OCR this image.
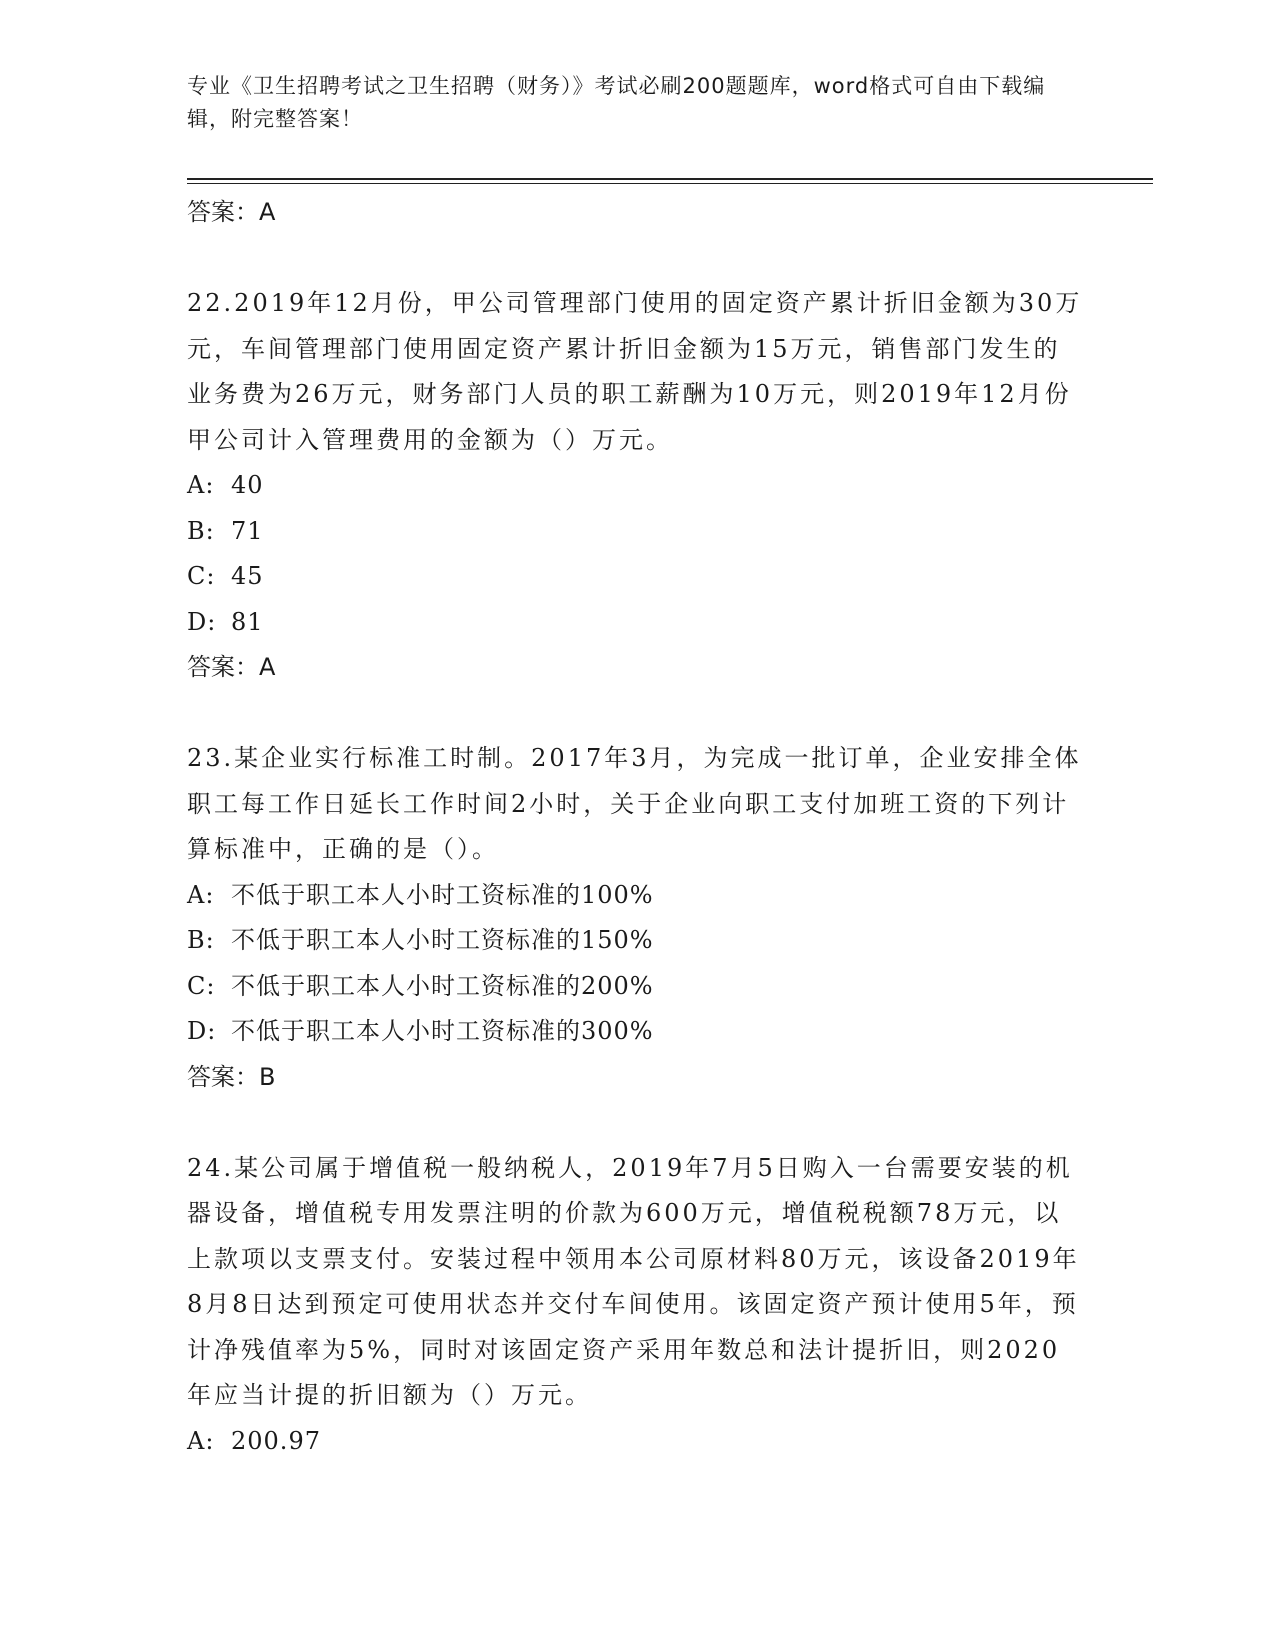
专业《卫生招聘考试之卫生招聘（财务）》考试必刷200题题库，word格式可自由下载编辑，附完整答案！
答案：A
22.2019年12月份，甲公司管理部门使用的固定资产累计折旧金额为30万元，车间管理部门使用固定资产累计折旧金额为15万元，销售部门发生的业务费为26万元，财务部门人员的职工薪酬为10万元，则2019年12月份甲公司计入管理费用的金额为（）万元。
A: 40
B: 71
C: 45
D: 81
答案：A
23.某企业实行标准工时制。2017年3月，为完成一批订单，企业安排全体职工每工作日延长工作时间2小时，关于企业向职工支付加班工资的下列计算标准中，正确的是（）。
A: 不低于职工本人小时工资标准的100%
B: 不低于职工本人小时工资标准的150%
C: 不低于职工本人小时工资标准的200%
D: 不低于职工本人小时工资标准的300%
答案：B
24.某公司属于增值税一般纳税人，2019年7月5日购入一台需要安装的机器设备，增值税专用发票注明的价款为600万元，增值税税额78万元，以上款项以支票支付。安装过程中领用本公司原材料80万元，该设备2019年8月8日达到预定可使用状态并交付车间使用。该固定资产预计使用5年，预计净残值率为5%，同时对该固定资产采用年数总和法计提折旧，则2020年应当计提的折旧额为（）万元。
A: 200.97
